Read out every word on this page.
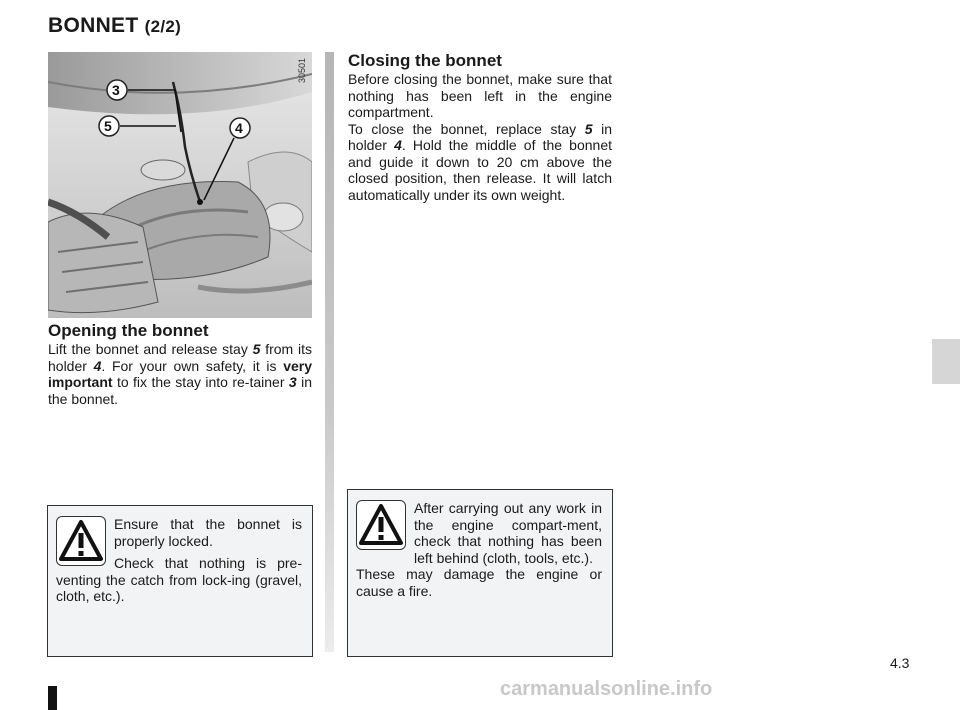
BONNET (2/2)
3
5	4
30501
Opening the bonnet
Lift the bonnet and release stay 5 from its holder 4. For your own safety, it is very important to fix the stay into re-tainer 3 in the bonnet.
Closing the bonnet
Before closing the bonnet, make sure that nothing has been left in the engine compartment.
To close the bonnet, replace stay 5 in holder 4. Hold the middle of the bonnet and guide it down to 20 cm above the closed position, then release. It will latch automatically under its own weight.

Ensure that the bonnet is properly locked.

Check that nothing is pre-venting the catch from lock-ing (gravel, cloth, etc.).

After carrying out any work in the engine compart-ment, check that nothing has been left behind (cloth, tools, etc.).

These may damage the engine or cause a fire.

4.3
carmanualsonline.info
